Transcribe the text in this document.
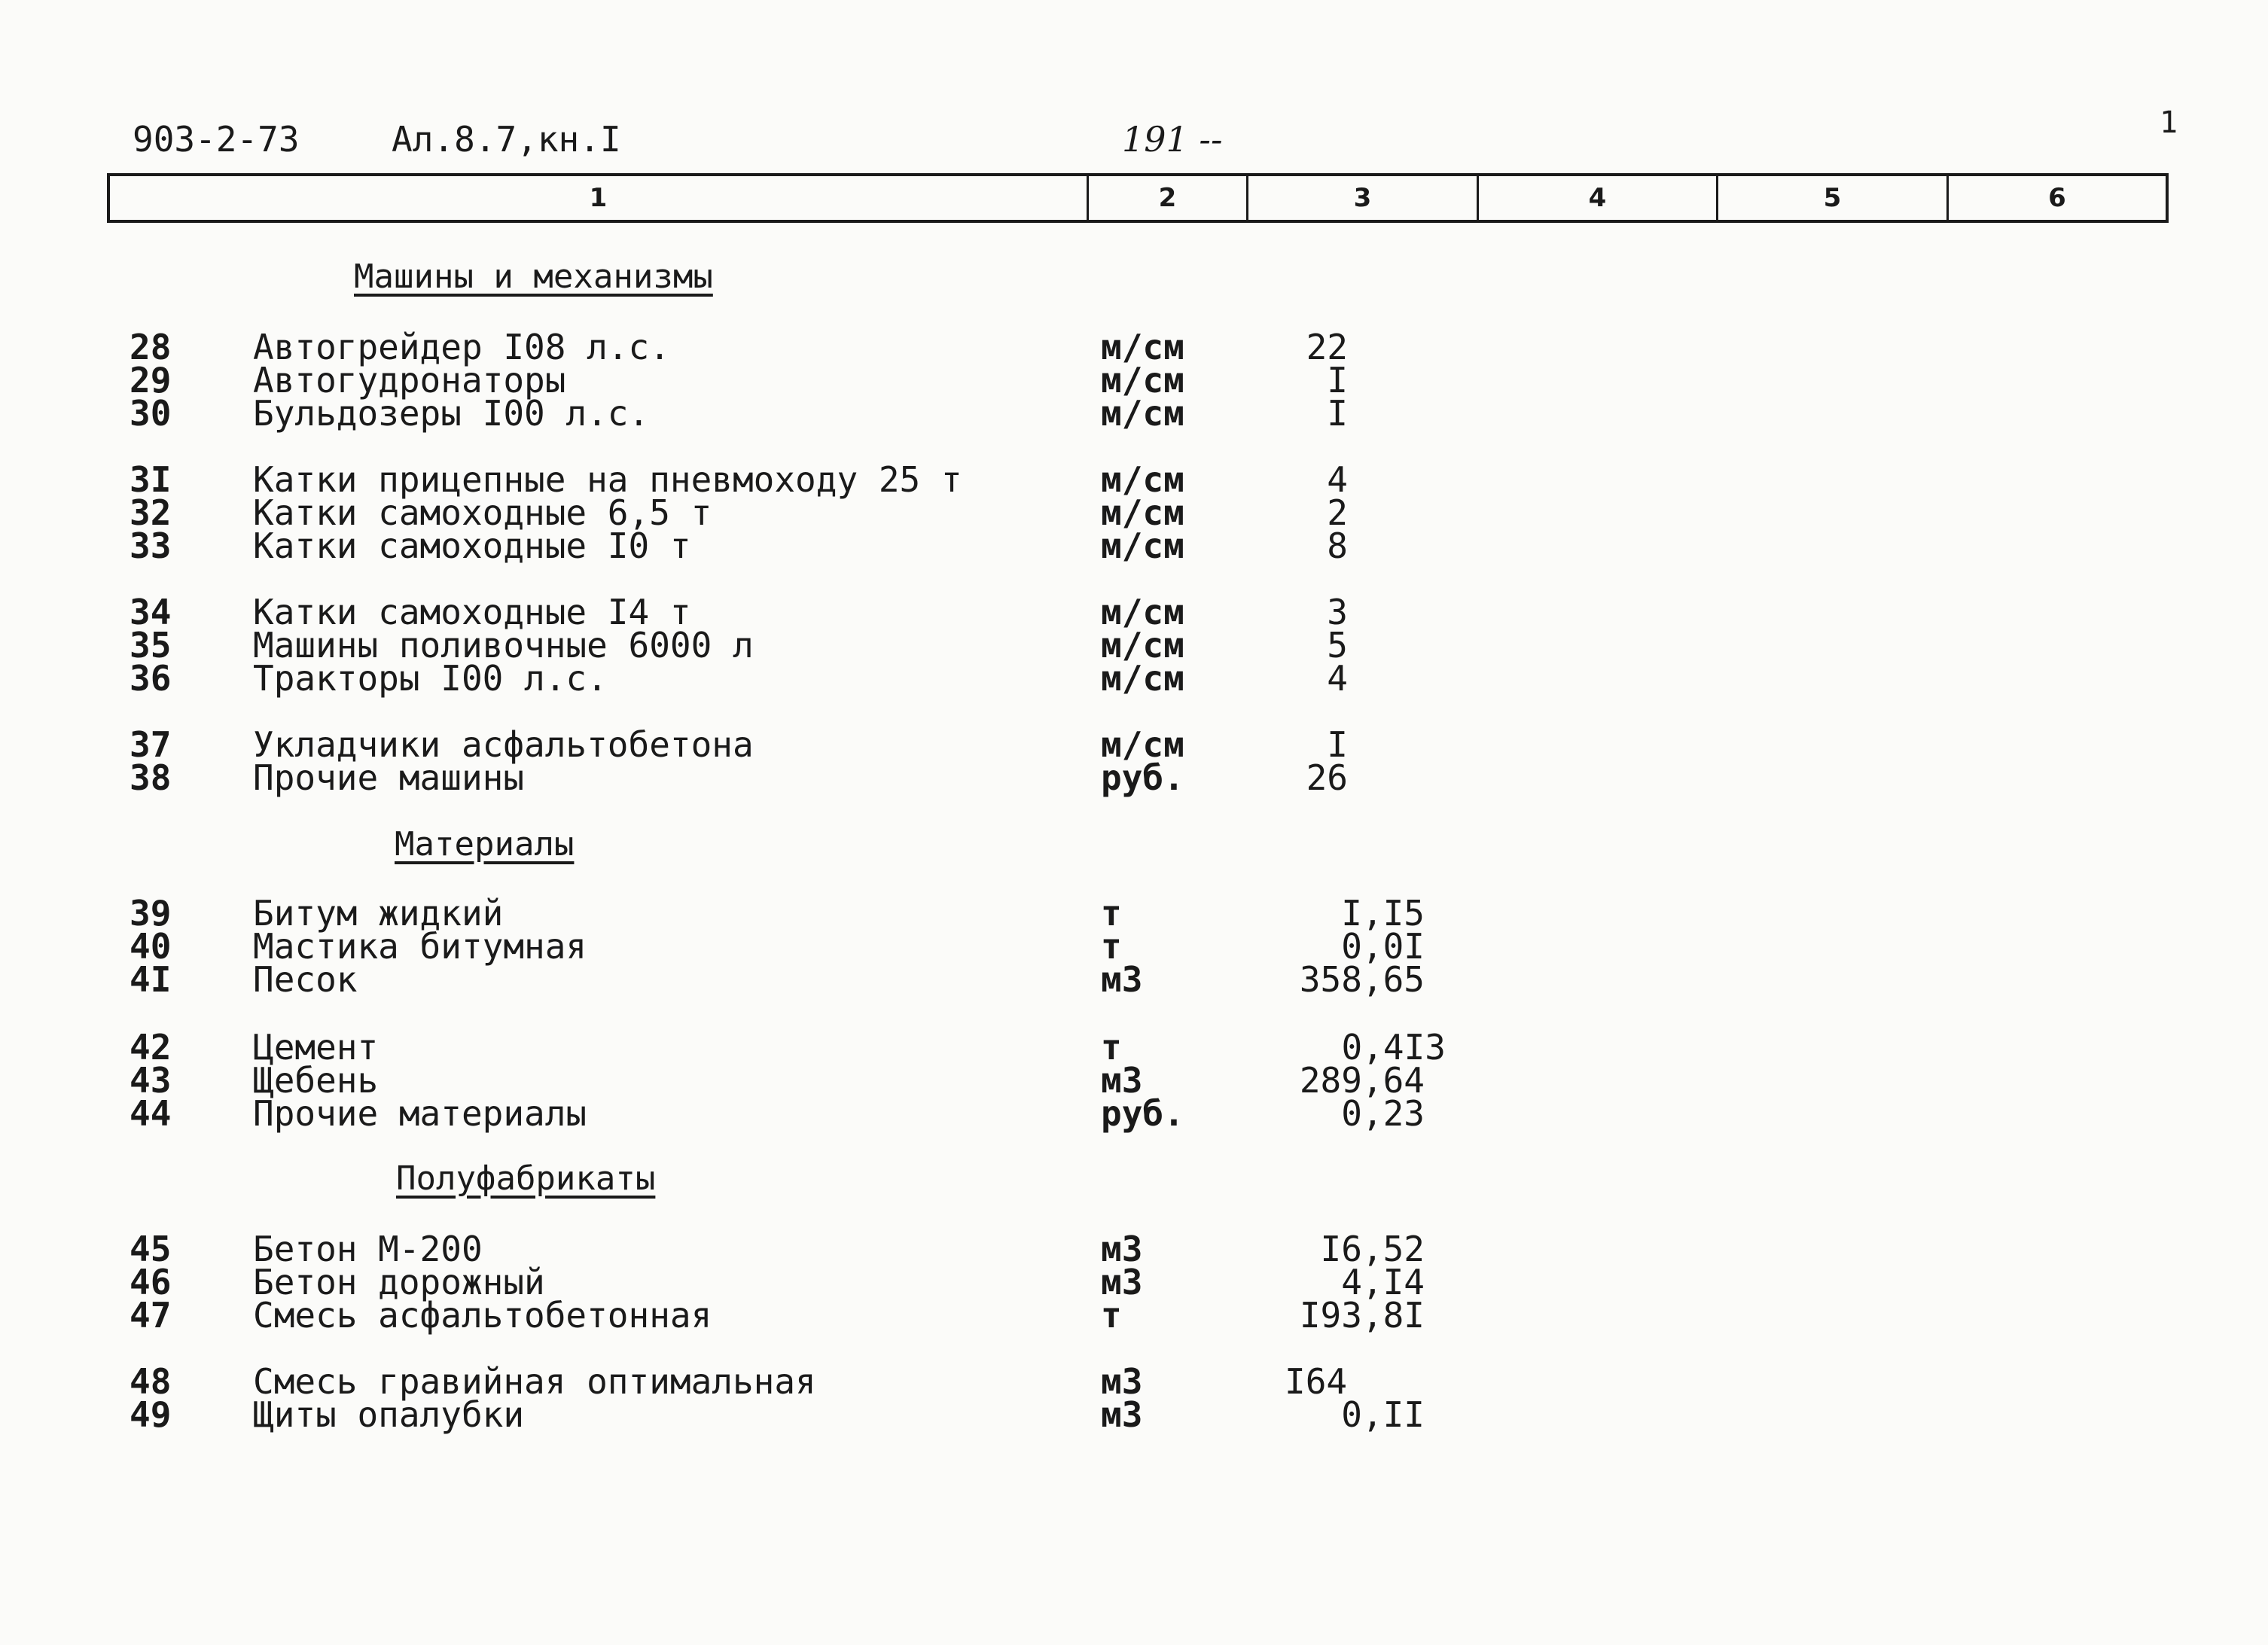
903-2-73	Ал.8.7,кн.I	191 --	1
1	2	3	4	5	6
Машины и механизмы
28	Автогрейдер I08 л.с.	м/см	22
29	Автогудронаторы	м/см	I
30	Бульдозеры I00 л.с.	м/см	I
3I	Катки прицепные на пневмоходу 25 т	м/см	4
32	Катки самоходные 6,5 т	м/см	2
33	Катки самоходные I0 т	м/см	8
34	Катки самоходные I4 т	м/см	3
35	Машины поливочные 6000 л	м/см	5
36	Тракторы I00 л.с.	м/см	4
37	Укладчики асфальтобетона	м/см	I
38	Прочие машины	руб.	26
Материалы
39	Битум жидкий	т	I,I5
40	Мастика битумная	т	0,0I
4I	Песок	м3	358,65
42	Цемент	т	0,4I3
43	Щебень	м3	289,64
44	Прочие материалы	руб.	0,23
Полуфабрикаты
45	Бетон М-200	м3	I6,52
46	Бетон дорожный	м3	4,I4
47	Смесь асфальтобетонная	т	I93,8I
48	Смесь гравийная оптимальная	м3	I64
49	Щиты опалубки	м3	0,II
